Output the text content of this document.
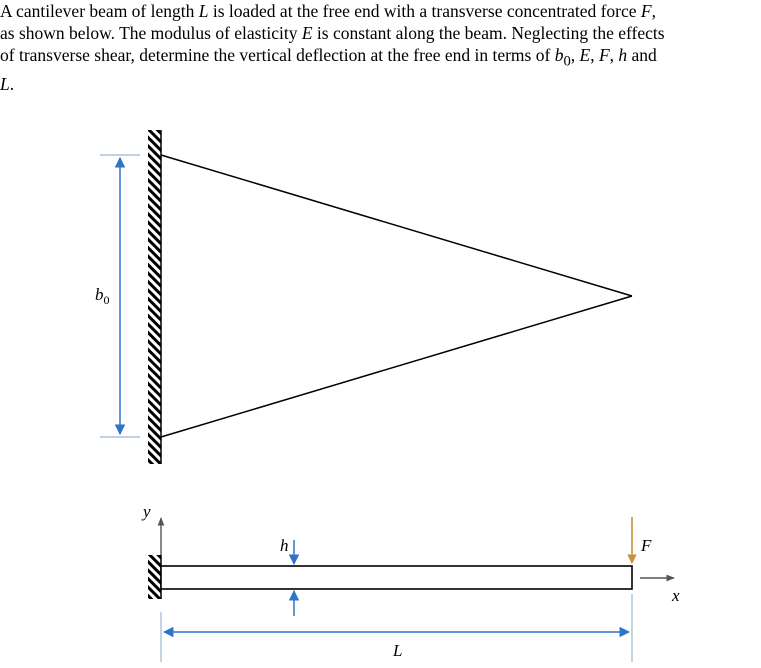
A cantilever beam of length L is loaded at the free end with a transverse concentrated force F,

as shown below. The modulus of elasticity E is constant along the beam. Neglecting the effects

of transverse shear, determine the vertical deflection at the free end in terms of $b_0$, E, F, h and

L.

$b_0$
y
x
h	F
L
